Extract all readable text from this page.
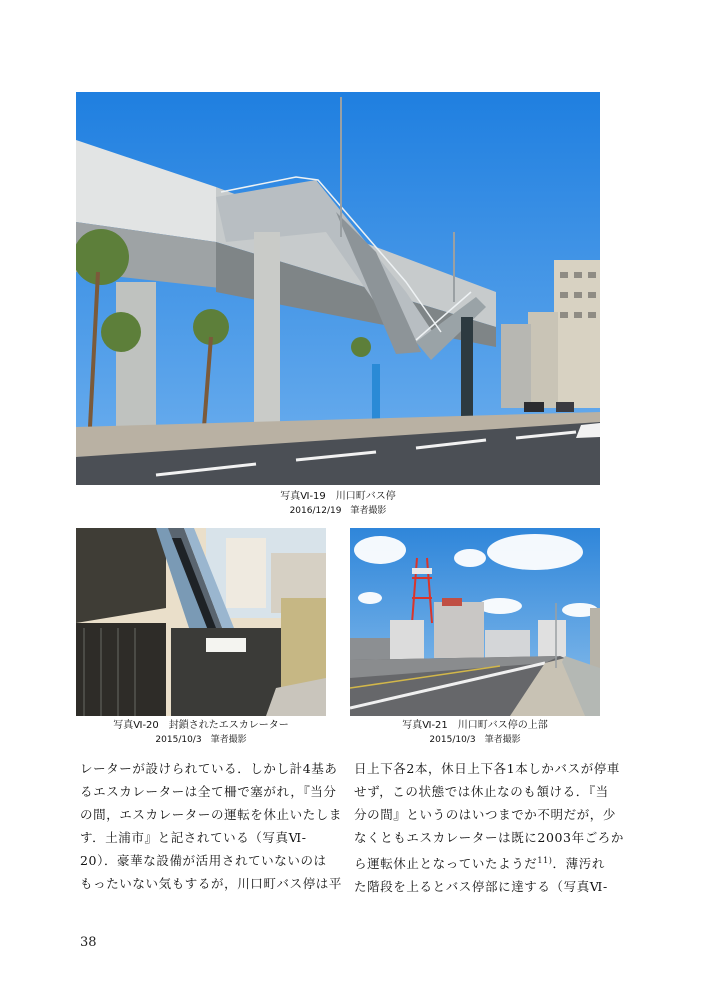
写真Ⅵ-19　川口町バス停
2016/12/19　筆者撮影
写真Ⅵ-20　封鎖されたエスカレーター
2015/10/3　筆者撮影
写真Ⅵ-21　川口町バス停の上部
2015/10/3　筆者撮影

レーターが設けられている．しかし計4基あ

るエスカレーターは全て柵で塞がれ，『当分

の間，エスカレーターの運転を休止いたしま

す．土浦市』と記されている（写真Ⅵ-

20）．豪華な設備が活用されていないのは

もったいない気もするが，川口町バス停は平

日上下各2本，休日上下各1本しかバスが停車

せず，この状態では休止なのも頷ける．『当

分の間』というのはいつまでか不明だが，少

なくともエスカレーターは既に2003年ごろか

ら運転休止となっていたようだ$^{11)}$．薄汚れ

た階段を上るとバス停部に達する（写真Ⅵ-

38
